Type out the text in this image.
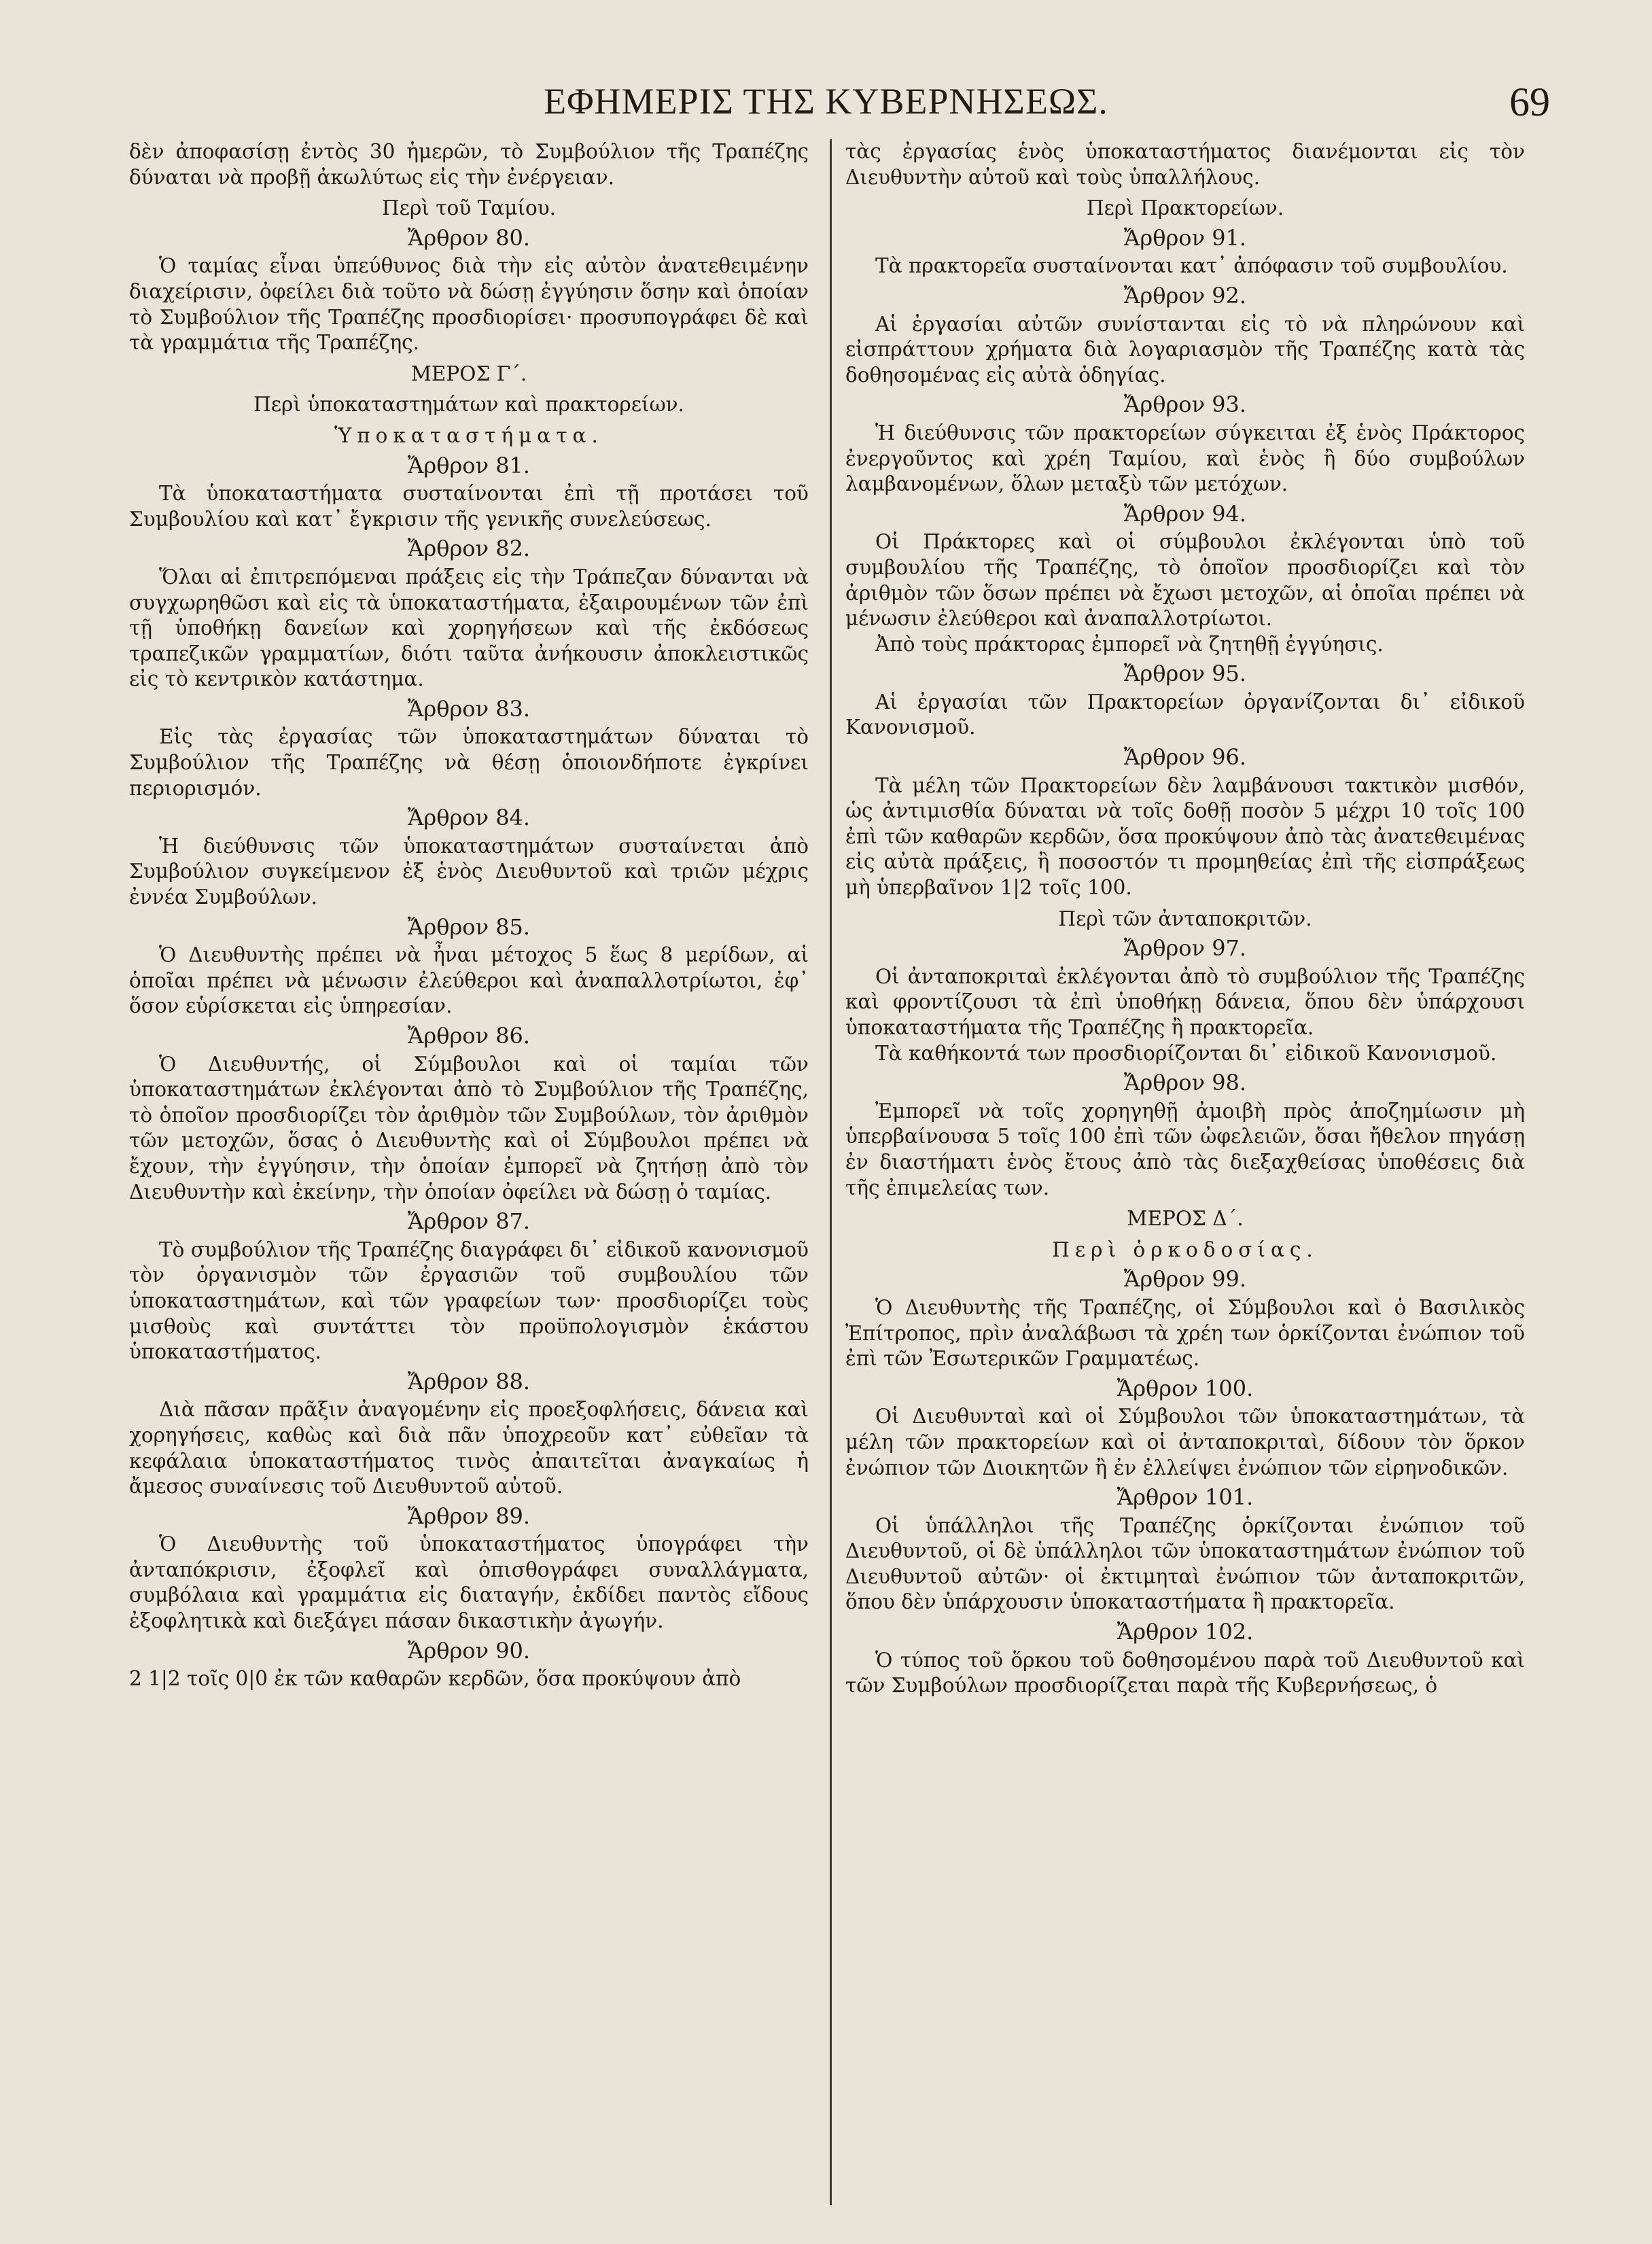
ΕΦΗΜΕΡΙΣ ΤΗΣ ΚΥΒΕΡΝΗΣΕΩΣ.	69

δὲν ἀποφασίσῃ ἐντὸς 30 ἡμερῶν, τὸ Συμβούλιον τῆς Τραπέζης δύναται νὰ προβῇ ἀκωλύτως εἰς τὴν ἐνέργειαν.

Περὶ τοῦ Ταμίου.

Ἄρθρον 80.

Ὁ ταμίας εἶναι ὑπεύθυνος διὰ τὴν εἰς αὐτὸν ἀνατεθειμένην διαχείρισιν, ὀφείλει διὰ τοῦτο νὰ δώσῃ ἐγγύησιν ὅσην καὶ ὁποίαν τὸ Συμβούλιον τῆς Τραπέζης προσδιορίσει· προσυπογράφει δὲ καὶ τὰ γραμμάτια τῆς Τραπέζης.

ΜΕΡΟΣ Γ΄.

Περὶ ὑποκαταστημάτων καὶ πρακτορείων.

Ὑποκαταστήματα.

Ἄρθρον 81.

Τὰ ὑποκαταστήματα συσταίνονται ἐπὶ τῇ προτάσει τοῦ Συμβουλίου καὶ κατ᾽ ἔγκρισιν τῆς γενικῆς συνελεύσεως.

Ἄρθρον 82.

Ὅλαι αἱ ἐπιτρεπόμεναι πράξεις εἰς τὴν Τράπεζαν δύνανται νὰ συγχωρηθῶσι καὶ εἰς τὰ ὑποκαταστήματα, ἐξαιρουμένων τῶν ἐπὶ τῇ ὑποθήκῃ δανείων καὶ χορηγήσεων καὶ τῆς ἐκδόσεως τραπεζικῶν γραμματίων, διότι ταῦτα ἀνήκουσιν ἀποκλειστικῶς εἰς τὸ κεντρικὸν κατάστημα.

Ἄρθρον 83.

Εἰς τὰς ἐργασίας τῶν ὑποκαταστημάτων δύναται τὸ Συμβούλιον τῆς Τραπέζης νὰ θέσῃ ὁποιονδήποτε ἐγκρίνει περιορισμόν.

Ἄρθρον 84.

Ἡ διεύθυνσις τῶν ὑποκαταστημάτων συσταίνεται ἀπὸ Συμβούλιον συγκείμενον ἐξ ἑνὸς Διευθυντοῦ καὶ τριῶν μέχρις ἐννέα Συμβούλων.

Ἄρθρον 85.

Ὁ Διευθυντὴς πρέπει νὰ ἦναι μέτοχος 5 ἕως 8 μερίδων, αἱ ὁποῖαι πρέπει νὰ μένωσιν ἐλεύθεροι καὶ ἀναπαλλοτρίωτοι, ἐφ᾽ ὅσον εὑρίσκεται εἰς ὑπηρεσίαν.

Ἄρθρον 86.

Ὁ Διευθυντής, οἱ Σύμβουλοι καὶ οἱ ταμίαι τῶν ὑποκαταστημάτων ἐκλέγονται ἀπὸ τὸ Συμβούλιον τῆς Τραπέζης, τὸ ὁποῖον προσδιορίζει τὸν ἀριθμὸν τῶν Συμβούλων, τὸν ἀριθμὸν τῶν μετοχῶν, ὅσας ὁ Διευθυντὴς καὶ οἱ Σύμβουλοι πρέπει νὰ ἔχουν, τὴν ἐγγύησιν, τὴν ὁποίαν ἐμπορεῖ νὰ ζητήσῃ ἀπὸ τὸν Διευθυντὴν καὶ ἐκείνην, τὴν ὁποίαν ὀφείλει νὰ δώσῃ ὁ ταμίας.

Ἄρθρον 87.

Τὸ συμβούλιον τῆς Τραπέζης διαγράφει δι᾽ εἰδικοῦ κανονισμοῦ τὸν ὀργανισμὸν τῶν ἐργασιῶν τοῦ συμβουλίου τῶν ὑποκαταστημάτων, καὶ τῶν γραφείων των· προσδιορίζει τοὺς μισθοὺς καὶ συντάττει τὸν προϋπολογισμὸν ἑκάστου ὑποκαταστήματος.

Ἄρθρον 88.

Διὰ πᾶσαν πρᾶξιν ἀναγομένην εἰς προεξοφλήσεις, δάνεια καὶ χορηγήσεις, καθὼς καὶ διὰ πᾶν ὑποχρεοῦν κατ᾽ εὐθεῖαν τὰ κεφάλαια ὑποκαταστήματος τινὸς ἀπαιτεῖται ἀναγκαίως ἡ ἄμεσος συναίνεσις τοῦ Διευθυντοῦ αὐτοῦ.

Ἄρθρον 89.

Ὁ Διευθυντὴς τοῦ ὑποκαταστήματος ὑπογράφει τὴν ἀνταπόκρισιν, ἐξοφλεῖ καὶ ὀπισθογράφει συναλλάγματα, συμβόλαια καὶ γραμμάτια εἰς διαταγήν, ἐκδίδει παντὸς εἴδους ἐξοφλητικὰ καὶ διεξάγει πάσαν δικαστικὴν ἀγωγήν.

Ἄρθρον 90.

2 1|2 τοῖς 0|0 ἐκ τῶν καθαρῶν κερδῶν, ὅσα προκύψουν ἀπὸ

τὰς ἐργασίας ἑνὸς ὑποκαταστήματος διανέμονται εἰς τὸν Διευθυντὴν αὐτοῦ καὶ τοὺς ὑπαλλήλους.

Περὶ Πρακτορείων.

Ἄρθρον 91.

Τὰ πρακτορεῖα συσταίνονται κατ᾽ ἀπόφασιν τοῦ συμβουλίου.

Ἄρθρον 92.

Αἱ ἐργασίαι αὐτῶν συνίστανται εἰς τὸ νὰ πληρώνουν καὶ εἰσπράττουν χρήματα διὰ λογαριασμὸν τῆς Τραπέζης κατὰ τὰς δοθησομένας εἰς αὐτὰ ὁδηγίας.

Ἄρθρον 93.

Ἡ διεύθυνσις τῶν πρακτορείων σύγκειται ἐξ ἑνὸς Πράκτορος ἐνεργοῦντος καὶ χρέη Ταμίου, καὶ ἑνὸς ἢ δύο συμβούλων λαμβανομένων, ὅλων μεταξὺ τῶν μετόχων.

Ἄρθρον 94.

Οἱ Πράκτορες καὶ οἱ σύμβουλοι ἐκλέγονται ὑπὸ τοῦ συμβουλίου τῆς Τραπέζης, τὸ ὁποῖον προσδιορίζει καὶ τὸν ἀριθμὸν τῶν ὅσων πρέπει νὰ ἔχωσι μετοχῶν, αἱ ὁποῖαι πρέπει νὰ μένωσιν ἐλεύθεροι καὶ ἀναπαλλοτρίωτοι.

Ἀπὸ τοὺς πράκτορας ἐμπορεῖ νὰ ζητηθῇ ἐγγύησις.

Ἄρθρον 95.

Αἱ ἐργασίαι τῶν Πρακτορείων ὀργανίζονται δι᾽ εἰδικοῦ Κανονισμοῦ.

Ἄρθρον 96.

Τὰ μέλη τῶν Πρακτορείων δὲν λαμβάνουσι τακτικὸν μισθόν, ὡς ἀντιμισθία δύναται νὰ τοῖς δοθῇ ποσὸν 5 μέχρι 10 τοῖς 100 ἐπὶ τῶν καθαρῶν κερδῶν, ὅσα προκύψουν ἀπὸ τὰς ἀνατεθειμένας εἰς αὐτὰ πράξεις, ἢ ποσοστόν τι προμηθείας ἐπὶ τῆς εἰσπράξεως μὴ ὑπερβαῖνον 1|2 τοῖς 100.

Περὶ τῶν ἀνταποκριτῶν.

Ἄρθρον 97.

Οἱ ἀνταποκριταὶ ἐκλέγονται ἀπὸ τὸ συμβούλιον τῆς Τραπέζης καὶ φροντίζουσι τὰ ἐπὶ ὑποθήκῃ δάνεια, ὅπου δὲν ὑπάρχουσι ὑποκαταστήματα τῆς Τραπέζης ἢ πρακτορεῖα.

Τὰ καθήκοντά των προσδιορίζονται δι᾽ εἰδικοῦ Κανονισμοῦ.

Ἄρθρον 98.

Ἐμπορεῖ νὰ τοῖς χορηγηθῇ ἀμοιβὴ πρὸς ἀποζημίωσιν μὴ ὑπερβαίνουσα 5 τοῖς 100 ἐπὶ τῶν ὠφελειῶν, ὅσαι ἤθελον πηγάσῃ ἐν διαστήματι ἑνὸς ἔτους ἀπὸ τὰς διεξαχθείσας ὑποθέσεις διὰ τῆς ἐπιμελείας των.

ΜΕΡΟΣ Δ΄.

Περὶ ὁρκοδοσίας.

Ἄρθρον 99.

Ὁ Διευθυντὴς τῆς Τραπέζης, οἱ Σύμβουλοι καὶ ὁ Βασιλικὸς Ἐπίτροπος, πρὶν ἀναλάβωσι τὰ χρέη των ὁρκίζονται ἐνώπιον τοῦ ἐπὶ τῶν Ἐσωτερικῶν Γραμματέως.

Ἄρθρον 100.

Οἱ Διευθυνταὶ καὶ οἱ Σύμβουλοι τῶν ὑποκαταστημάτων, τὰ μέλη τῶν πρακτορείων καὶ οἱ ἀνταποκριταὶ, δίδουν τὸν ὅρκον ἐνώπιον τῶν Διοικητῶν ἢ ἐν ἐλλείψει ἐνώπιον τῶν εἰρηνοδικῶν.

Ἄρθρον 101.

Οἱ ὑπάλληλοι τῆς Τραπέζης ὁρκίζονται ἐνώπιον τοῦ Διευθυντοῦ, οἱ δὲ ὑπάλληλοι τῶν ὑποκαταστημάτων ἐνώπιον τοῦ Διευθυντοῦ αὐτῶν· οἱ ἐκτιμηταὶ ἐνώπιον τῶν ἀνταποκριτῶν, ὅπου δὲν ὑπάρχουσιν ὑποκαταστήματα ἢ πρακτορεῖα.

Ἄρθρον 102.

Ὁ τύπος τοῦ ὅρκου τοῦ δοθησομένου παρὰ τοῦ Διευθυντοῦ καὶ τῶν Συμβούλων προσδιορίζεται παρὰ τῆς Κυβερνήσεως, ὁ
